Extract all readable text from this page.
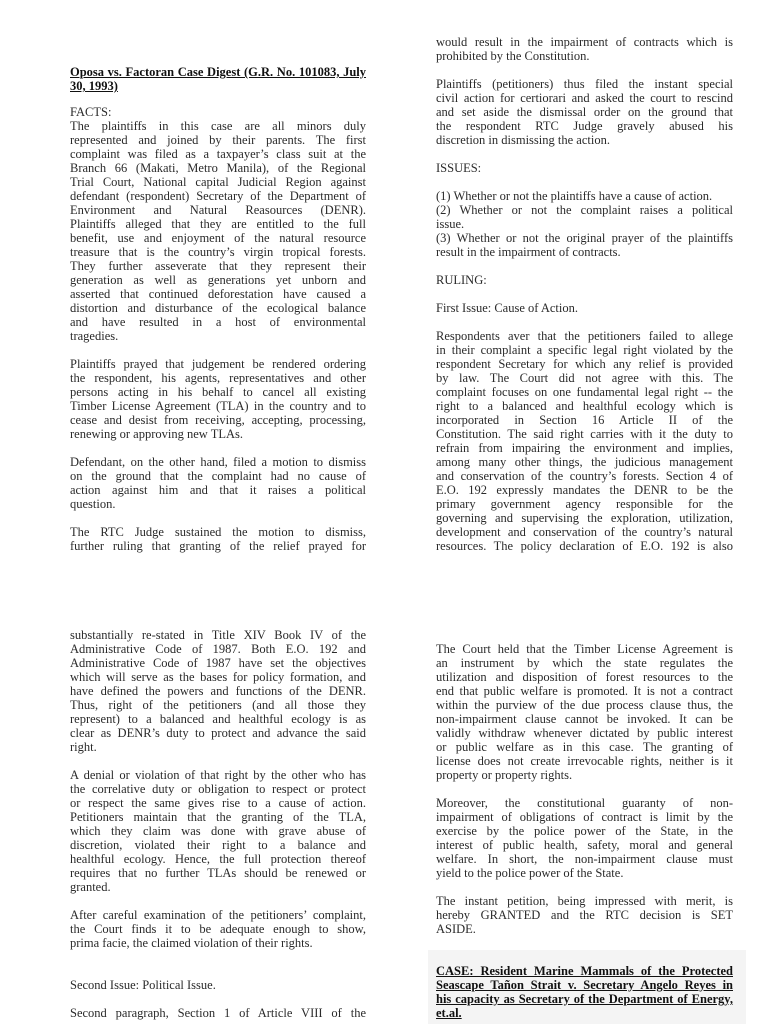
Oposa vs. Factoran Case Digest (G.R. No. 101083, July
30, 1993)
FACTS:
The plaintiffs in this case are all minors duly
represented and joined by their parents. The first
complaint was filed as a taxpayer’s class suit at the
Branch 66 (Makati, Metro Manila), of the Regional
Trial Court, National capital Judicial Region against
defendant (respondent) Secretary of the Department of
Environment and Natural Reasources (DENR).
Plaintiffs alleged that they are entitled to the full
benefit, use and enjoyment of the natural resource
treasure that is the country’s virgin tropical forests.
They further asseverate that they represent their
generation as well as generations yet unborn and
asserted that continued deforestation have caused a
distortion and disturbance of the ecological balance
and have resulted in a host of environmental
tragedies.
Plaintiffs prayed that judgement be rendered ordering
the respondent, his agents, representatives and other
persons acting in his behalf to cancel all existing
Timber License Agreement (TLA) in the country and to
cease and desist from receiving, accepting, processing,
renewing or approving new TLAs.
Defendant, on the other hand, filed a motion to dismiss
on the ground that the complaint had no cause of
action against him and that it raises a political
question.
The RTC Judge sustained the motion to dismiss,
further ruling that granting of the relief prayed for
would result in the impairment of contracts which is
prohibited by the Constitution.
Plaintiffs (petitioners) thus filed the instant special
civil action for certiorari and asked the court to rescind
and set aside the dismissal order on the ground that
the respondent RTC Judge gravely abused his
discretion in dismissing the action.
ISSUES:
(1) Whether or not the plaintiffs have a cause of action.
(2) Whether or not the complaint raises a political
issue.
(3) Whether or not the original prayer of the plaintiffs
result in the impairment of contracts.
RULING:
First Issue: Cause of Action.
Respondents aver that the petitioners failed to allege
in their complaint a specific legal right violated by the
respondent Secretary for which any relief is provided
by law. The Court did not agree with this. The
complaint focuses on one fundamental legal right -- the
right to a balanced and healthful ecology which is
incorporated in Section 16 Article II of the
Constitution. The said right carries with it the duty to
refrain from impairing the environment and implies,
among many other things, the judicious management
and conservation of the country’s forests. Section 4 of
E.O. 192 expressly mandates the DENR to be the
primary government agency responsible for the
governing and supervising the exploration, utilization,
development and conservation of the country’s natural
resources. The policy declaration of E.O. 192 is also
substantially re-stated in Title XIV Book IV of the
Administrative Code of 1987. Both E.O. 192 and
Administrative Code of 1987 have set the objectives
which will serve as the bases for policy formation, and
have defined the powers and functions of the DENR.
Thus, right of the petitioners (and all those they
represent) to a balanced and healthful ecology is as
clear as DENR’s duty to protect and advance the said
right.
A denial or violation of that right by the other who has
the correlative duty or obligation to respect or protect
or respect the same gives rise to a cause of action.
Petitioners maintain that the granting of the TLA,
which they claim was done with grave abuse of
discretion, violated their right to a balance and
healthful ecology. Hence, the full protection thereof
requires that no further TLAs should be renewed or
granted.
After careful examination of the petitioners’ complaint,
the Court finds it to be adequate enough to show,
prima facie, the claimed violation of their rights.
Second Issue: Political Issue.
Second paragraph, Section 1 of Article VIII of the
The Court held that the Timber License Agreement is
an instrument by which the state regulates the
utilization and disposition of forest resources to the
end that public welfare is promoted. It is not a contract
within the purview of the due process clause thus, the
non-impairment clause cannot be invoked. It can be
validly withdraw whenever dictated by public interest
or public welfare as in this case. The granting of
license does not create irrevocable rights, neither is it
property or property rights.
Moreover, the constitutional guaranty of non-
impairment of obligations of contract is limit by the
exercise by the police power of the State, in the
interest of public health, safety, moral and general
welfare. In short, the non-impairment clause must
yield to the police power of the State.
The instant petition, being impressed with merit, is
hereby GRANTED and the RTC decision is SET
ASIDE.
CASE: Resident Marine Mammals of the Protected
Seascape Tañon Strait v. Secretary Angelo Reyes in
his capacity as Secretary of the Department of Energy,
et.al.
